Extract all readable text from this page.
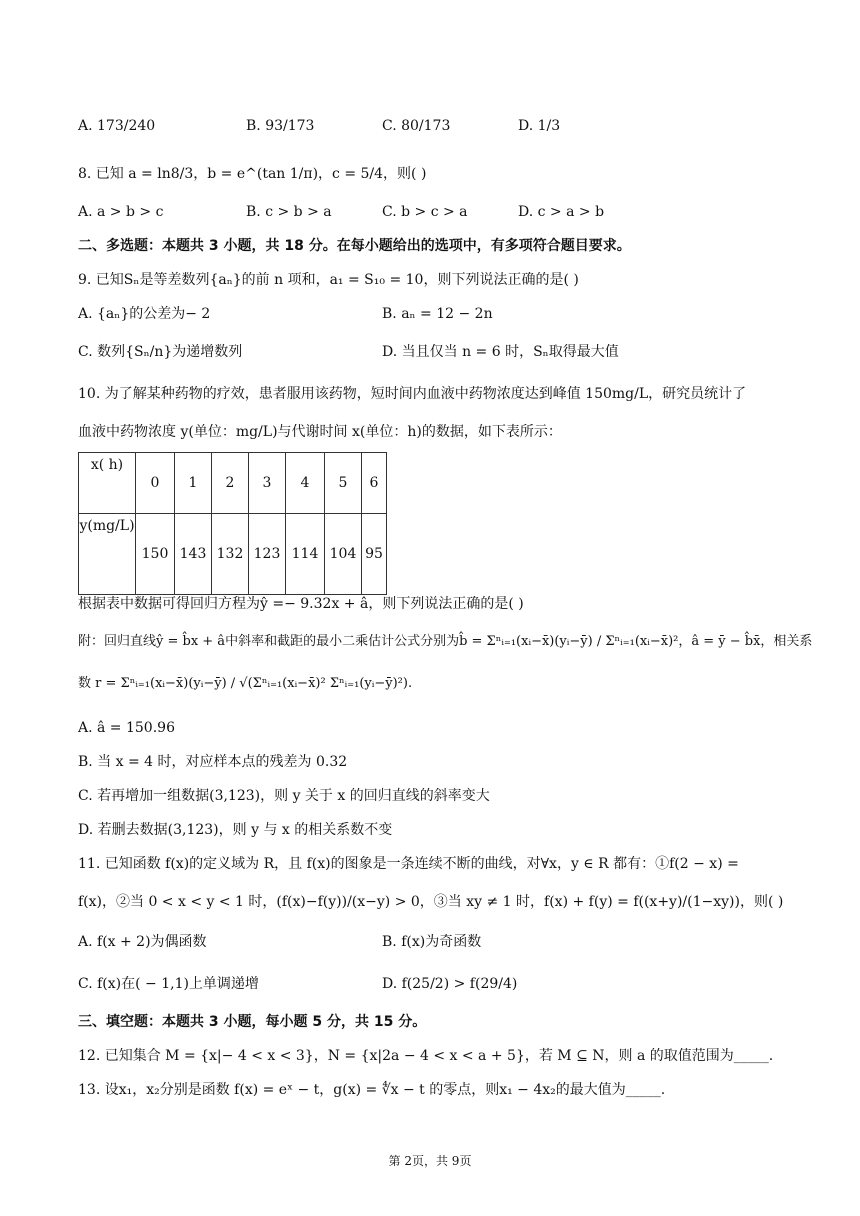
A. 173/240	B. 93/173	C. 80/173	D. 1/3
8. 已知 a = ln8/3，b = e^(tan 1/π)，c = 5/4，则( )
A. a > b > c	B. c > b > a	C. b > c > a	D. c > a > b
二、多选题：本题共 3 小题，共 18 分。在每小题给出的选项中，有多项符合题目要求。
9. 已知Sₙ是等差数列{aₙ}的前 n 项和，a₁ = S₁₀ = 10，则下列说法正确的是( )
A. {aₙ}的公差为− 2	B. aₙ = 12 − 2n
C. 数列{Sₙ/n}为递增数列	D. 当且仅当 n = 6 时，Sₙ取得最大值
10. 为了解某种药物的疗效，患者服用该药物，短时间内血液中药物浓度达到峰值 150mg/L，研究员统计了
血液中药物浓度 y(单位：mg/L)与代谢时间 x(单位：h)的数据，如下表所示：
x( h)	0	1	2	3	4	5	6
y(mg/L)	150	143	132	123	114	104	95
根据表中数据可得回归方程为ŷ =− 9.32x + â，则下列说法正确的是( )
附：回归直线ŷ = b̂x + â中斜率和截距的最小二乘估计公式分别为b̂ = Σⁿᵢ₌₁(xᵢ−x̄)(yᵢ−ȳ) / Σⁿᵢ₌₁(xᵢ−x̄)²，â = ȳ − b̂x̄，相关系
数 r = Σⁿᵢ₌₁(xᵢ−x̄)(yᵢ−ȳ) / √(Σⁿᵢ₌₁(xᵢ−x̄)² Σⁿᵢ₌₁(yᵢ−ȳ)²).
A. â = 150.96
B. 当 x = 4 时，对应样本点的残差为 0.32
C. 若再增加一组数据(3,123)，则 y 关于 x 的回归直线的斜率变大
D. 若删去数据(3,123)，则 y 与 x 的相关系数不变
11. 已知函数 f(x)的定义域为 R，且 f(x)的图象是一条连续不断的曲线，对∀x，y ∈ R 都有：①f(2 − x) =
f(x)，②当 0 < x < y < 1 时，(f(x)−f(y))/(x−y) > 0，③当 xy ≠ 1 时，f(x) + f(y) = f((x+y)/(1−xy))，则( )
A. f(x + 2)为偶函数	B. f(x)为奇函数
C. f(x)在( − 1,1)上单调递增	D. f(25/2) > f(29/4)
三、填空题：本题共 3 小题，每小题 5 分，共 15 分。
12. 已知集合 M = {x|− 4 < x < 3}，N = {x|2a − 4 < x < a + 5}，若 M ⊆ N，则 a 的取值范围为_____.
13. 设x₁，x₂分别是函数 f(x) = eˣ − t，g(x) = ∜x − t 的零点，则x₁ − 4x₂的最大值为_____.
第 2页，共 9页
